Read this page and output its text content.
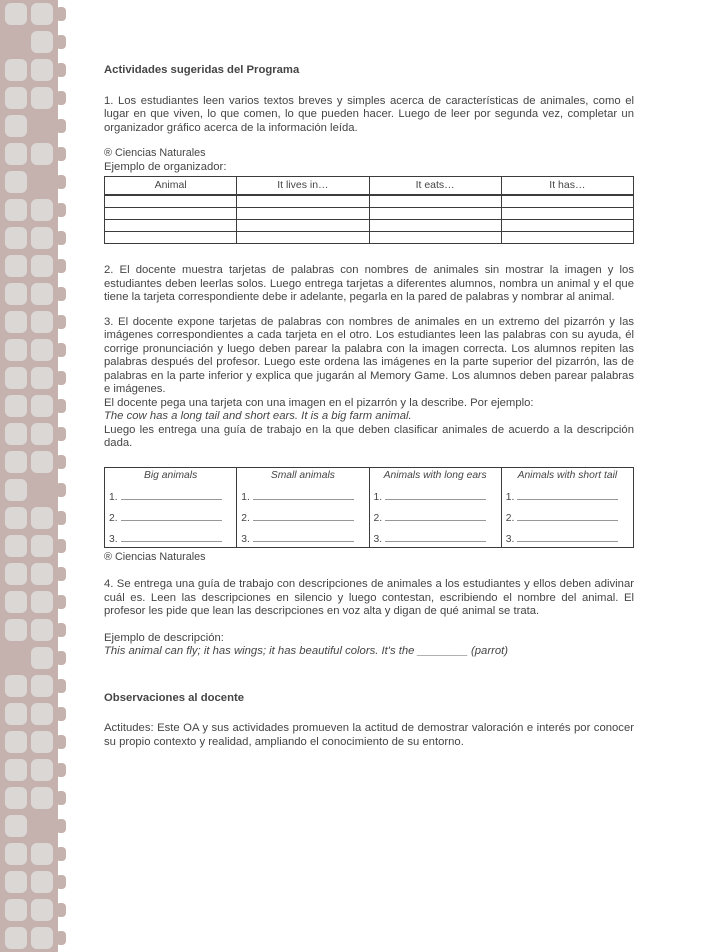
Actividades sugeridas del Programa

1. Los estudiantes leen varios textos breves y simples acerca de características de animales, como el lugar en que viven, lo que comen, lo que pueden hacer. Luego de leer por segunda vez, completar un organizador gráfico acerca de la información leída.

® Ciencias Naturales

Ejemplo de organizador:

Animal	It lives in…	It eats…	It has…

2. El docente muestra tarjetas de palabras con nombres de animales sin mostrar la imagen y los estudiantes deben leerlas solos. Luego entrega tarjetas a diferentes alumnos, nombra un animal y el que tiene la tarjeta correspondiente debe ir adelante, pegarla en la pared de palabras y nombrar al animal.

3. El docente expone tarjetas de palabras con nombres de animales en un extremo del pizarrón y las imágenes correspondientes a cada tarjeta en el otro. Los estudiantes leen las palabras con su ayuda, él corrige pronunciación y luego deben parear la palabra con la imagen correcta. Los alumnos repiten las palabras después del profesor. Luego este ordena las imágenes en la parte superior del pizarrón, las de palabras en la parte inferior y explica que jugarán al Memory Game. Los alumnos deben parear palabras e imágenes.

El docente pega una tarjeta con una imagen en el pizarrón y la describe. Por ejemplo:

The cow has a long tail and short ears. It is a big farm animal.

Luego les entrega una guía de trabajo en la que deben clasificar animales de acuerdo a la descripción dada.

Big animals	Small animals	Animals with long ears	Animals with short tail
1.	1.	1.	1.
2.	2.	2.	2.
3.	3.	3.	3.

® Ciencias Naturales

4. Se entrega una guía de trabajo con descripciones de animales a los estudiantes y ellos deben adivinar cuál es. Leen las descripciones en silencio y luego contestan, escribiendo el nombre del animal. El profesor les pide que lean las descripciones en voz alta y digan de qué animal se trata.

Ejemplo de descripción:

This animal can fly; it has wings; it has beautiful colors. It's the ________ (parrot)

Observaciones al docente

Actitudes: Este OA y sus actividades promueven la actitud de demostrar valoración e interés por conocer su propio contexto y realidad, ampliando el conocimiento de su entorno.
